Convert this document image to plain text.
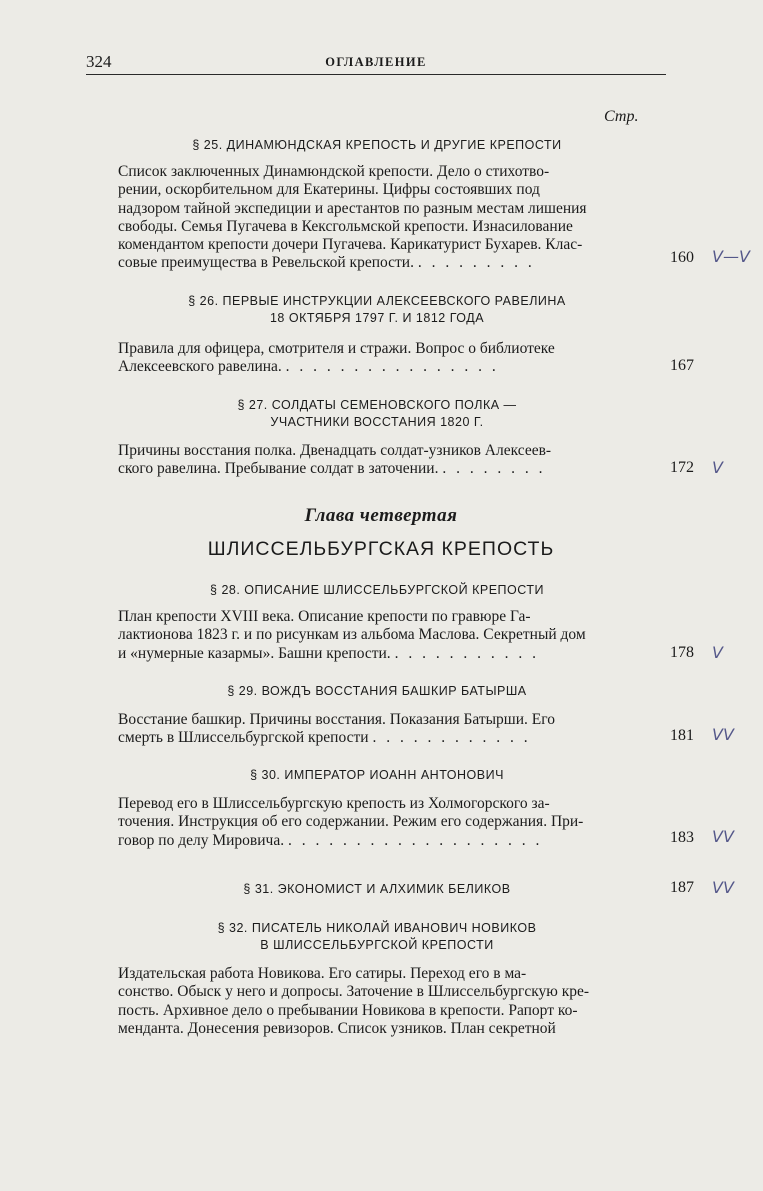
324	ОГЛАВЛЕНИЕ
Стр.
§ 25. ДИНАМЮНДСКАЯ КРЕПОСТЬ И ДРУГИЕ КРЕПОСТИ
Список заключенных Динамюндской крепости. Дело о стихотво-
рении, оскорбительном для Екатерины. Цифры состоявших под
надзором тайной экспедиции и арестантов по разным местам лишения
свободы. Семья Пугачева в Кексгольмской крепости. Изнасилование
комендантом крепости дочери Пугачева. Карикатурист Бухарев. Клас-
совые преимущества в Ревельской крепости. . . . . . . . . .	160	V—V
§ 26. ПЕРВЫЕ ИНСТРУКЦИИ АЛЕКСЕЕВСКОГО РАВЕЛИНА
18 ОКТЯБРЯ 1797 Г. И 1812 ГОДА
Правила для офицера, смотрителя и стражи. Вопрос о библиотеке
Алексеевского равелина. . . . . . . . . . . . . . . . .	167
§ 27. СОЛДАТЫ СЕМЕНОВСКОГО ПОЛКА —
УЧАСТНИКИ ВОССТАНИЯ 1820 Г.
Причины восстания полка. Двенадцать солдат-узников Алексеев-
ского равелина. Пребывание солдат в заточении. . . . . . . . .	172	V
Глава четвертая
ШЛИССЕЛЬБУРГСКАЯ КРЕПОСТЬ
§ 28. ОПИСАНИЕ ШЛИССЕЛЬБУРГСКОЙ КРЕПОСТИ
План крепости XVIII века. Описание крепости по гравюре Га-
лактионова 1823 г. и по рисункам из альбома Маслова. Секретный дом
и «нумерные казармы». Башни крепости. . . . . . . . . . . .	178	V
§ 29. ВОЖДЪ ВОССТАНИЯ БАШКИР БАТЫРША
Восстание башкир. Причины восстания. Показания Батырши. Его
смерть в Шлиссельбургской крепости . . . . . . . . . . . .	181	VV
§ 30. ИМПЕРАТОР ИОАНН АНТОНОВИЧ
Перевод его в Шлиссельбургскую крепость из Холмогорского за-
точения. Инструкция об его содержании. Режим его содержания. При-
говор по делу Мировича. . . . . . . . . . . . . . . . . . . .	183	VV
§ 31. ЭКОНОМИСТ И АЛХИМИК БЕЛИКОВ	187	VV
§ 32. ПИСАТЕЛЬ НИКОЛАЙ ИВАНОВИЧ НОВИКОВ
В ШЛИССЕЛЬБУРГСКОЙ КРЕПОСТИ
Издательская работа Новикова. Его сатиры. Переход его в ма-
сонство. Обыск у него и допросы. Заточение в Шлиссельбургскую кре-
пость. Архивное дело о пребывании Новикова в крепости. Рапорт ко-
менданта. Донесения ревизоров. Список узников. План секретной
